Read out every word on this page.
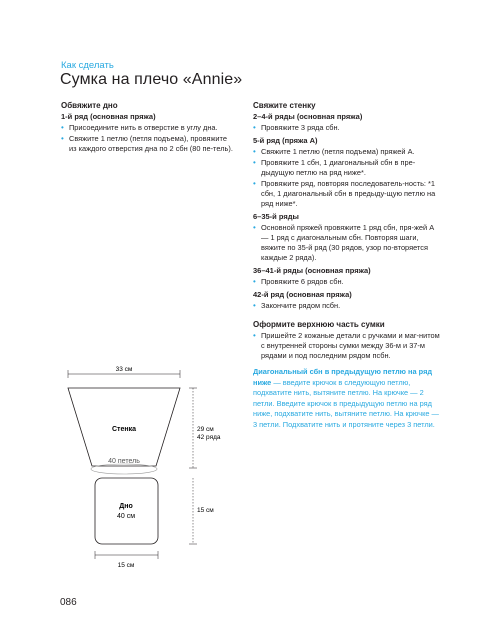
Как сделать
Сумка на плечо «Annie»
Обвяжите дно
1-й ряд (основная пряжа)
• Присоедините нить в отверстие в углу дна.
• Свяжите 1 петлю (петля подъема), провяжите из каждого отверстия дна по 2 сбн (80 пе-тель).
Свяжите стенку
2–4-й ряды (основная пряжа)
• Провяжите 3 ряда сбн.
5-й ряд (пряжа А)
• Свяжите 1 петлю (петля подъема) пряжей А.
• Провяжите 1 сбн, 1 диагональный сбн в пре-дыдущую петлю на ряд ниже*.
• Провяжите ряд, повторяя последователь-ность: *1 сбн, 1 диагональный сбн в предыду-щую петлю на ряд ниже*.
6–35-й ряды
• Основной пряжей провяжите 1 ряд сбн, пря-жей А — 1 ряд с диагональным сбн. Повторяя шаги, вяжите по 35-й ряд (30 рядов, узор по-вторяется каждые 2 ряда).
36–41-й ряды (основная пряжа)
• Провяжите 6 рядов сбн.
42-й ряд (основная пряжа)
• Закончите рядом псбн.
Оформите верхнюю часть сумки
• Пришейте 2 кожаные детали с ручками и маг-нитом с внутренней стороны сумки между 36-м и 37-м рядами и под последним рядом псбн.
Диагональный сбн в предыдущую петлю на ряд ниже — введите крючок в следующую петлю, подхватите нить, вытяните петлю. На крючке — 2 петли. Введите крючок в предыдущую петлю на ряд ниже, подхватите нить, вытяните петлю. На крючке — 3 петли. Подхватите нить и протяните через 3 петли.
33 см
Стенка
40 петель
Дно
40 см
29 см
42 ряда
15 см
15 см
086
